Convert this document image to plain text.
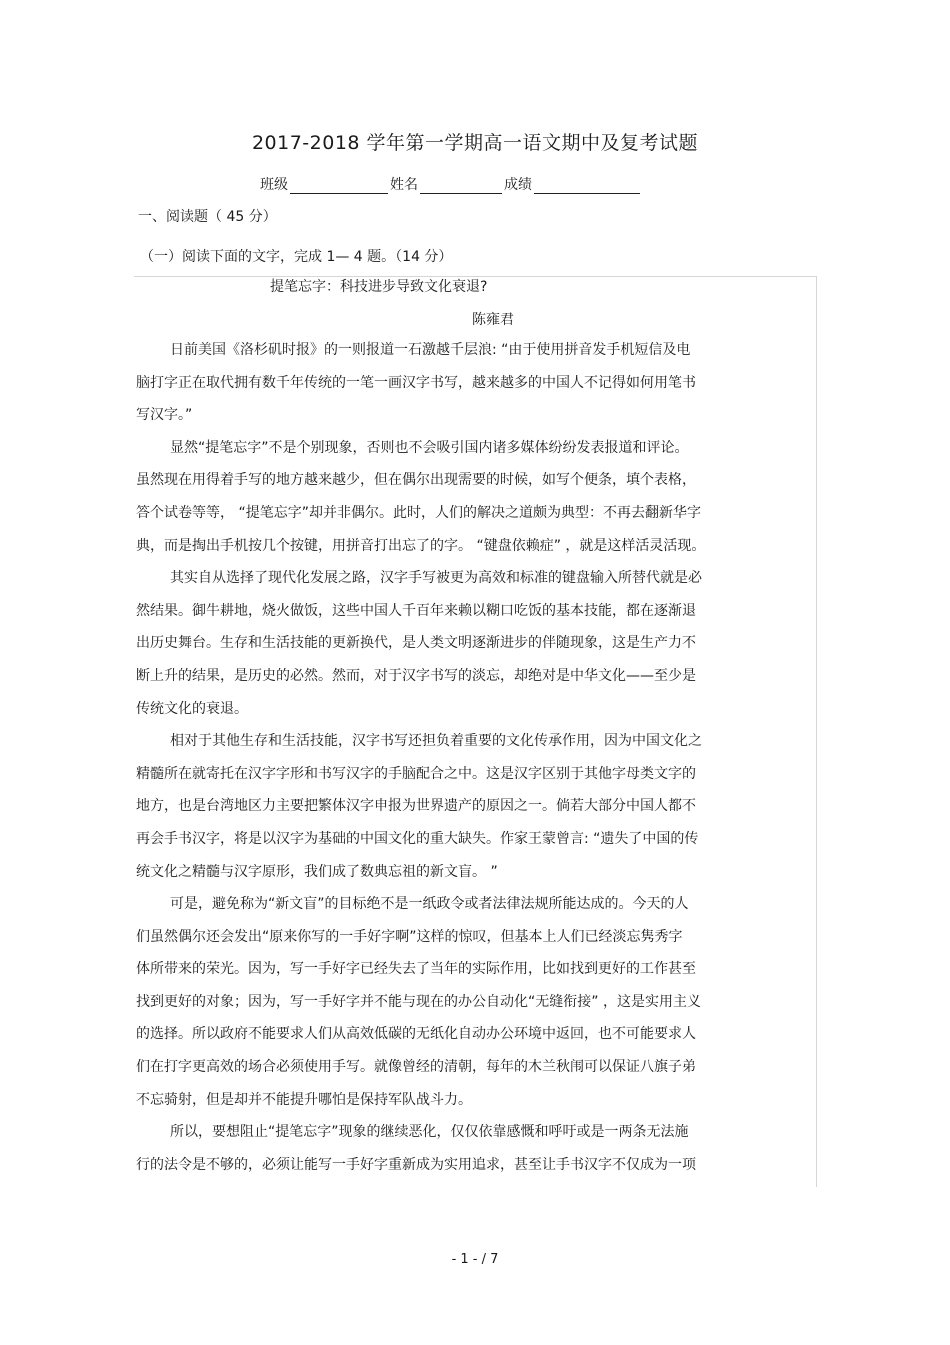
2017-2018 学年第一学期高一语文期中及复考试题
班级	姓名	成绩
一、阅读题（ 45 分）
（一）阅读下面的文字，完成 1— 4 题。（14 分）
提笔忘字：科技进步导致文化衰退?
陈雍君
日前美国《洛杉矶时报》的一则报道一石激越千层浪: “由于使用拼音发手机短信及电
脑打字正在取代拥有数千年传统的一笔一画汉字书写，越来越多的中国人不记得如何用笔书
写汉字。”
显然“提笔忘字”不是个别现象，否则也不会吸引国内诸多媒体纷纷发表报道和评论。
虽然现在用得着手写的地方越来越少，但在偶尔出现需要的时候，如写个便条，填个表格，
答个试卷等等， “提笔忘字”却并非偶尔。此时，人们的解决之道颇为典型：不再去翻新华字
典，而是掏出手机按几个按键，用拼音打出忘了的字。 “键盘依赖症” ，就是这样活灵活现。
其实自从选择了现代化发展之路，汉字手写被更为高效和标准的键盘输入所替代就是必
然结果。御牛耕地，烧火做饭，这些中国人千百年来赖以糊口吃饭的基本技能，都在逐渐退
出历史舞台。生存和生活技能的更新换代，是人类文明逐渐进步的伴随现象，这是生产力不
断上升的结果，是历史的必然。然而，对于汉字书写的淡忘，却绝对是中华文化——至少是
传统文化的衰退。
相对于其他生存和生活技能，汉字书写还担负着重要的文化传承作用，因为中国文化之
精髓所在就寄托在汉字字形和书写汉字的手脑配合之中。这是汉字区别于其他字母类文字的
地方，也是台湾地区力主要把繁体汉字申报为世界遗产的原因之一。倘若大部分中国人都不
再会手书汉字，将是以汉字为基础的中国文化的重大缺失。作家王蒙曾言: “遗失了中国的传
统文化之精髓与汉字原形，我们成了数典忘祖的新文盲。 ”
可是，避免称为“新文盲”的目标绝不是一纸政令或者法律法规所能达成的。今天的人
们虽然偶尔还会发出“原来你写的一手好字啊”这样的惊叹，但基本上人们已经淡忘隽秀字
体所带来的荣光。因为，写一手好字已经失去了当年的实际作用，比如找到更好的工作甚至
找到更好的对象；因为，写一手好字并不能与现在的办公自动化“无缝衔接” ，这是实用主义
的选择。所以政府不能要求人们从高效低碳的无纸化自动办公环境中返回，也不可能要求人
们在打字更高效的场合必须使用手写。就像曾经的清朝，每年的木兰秋闱可以保证八旗子弟
不忘骑射，但是却并不能提升哪怕是保持军队战斗力。
所以，要想阻止“提笔忘字”现象的继续恶化，仅仅依靠感慨和呼吁或是一两条无法施
行的法令是不够的，必须让能写一手好字重新成为实用追求，甚至让手书汉字不仅成为一项
- 1 - / 7
